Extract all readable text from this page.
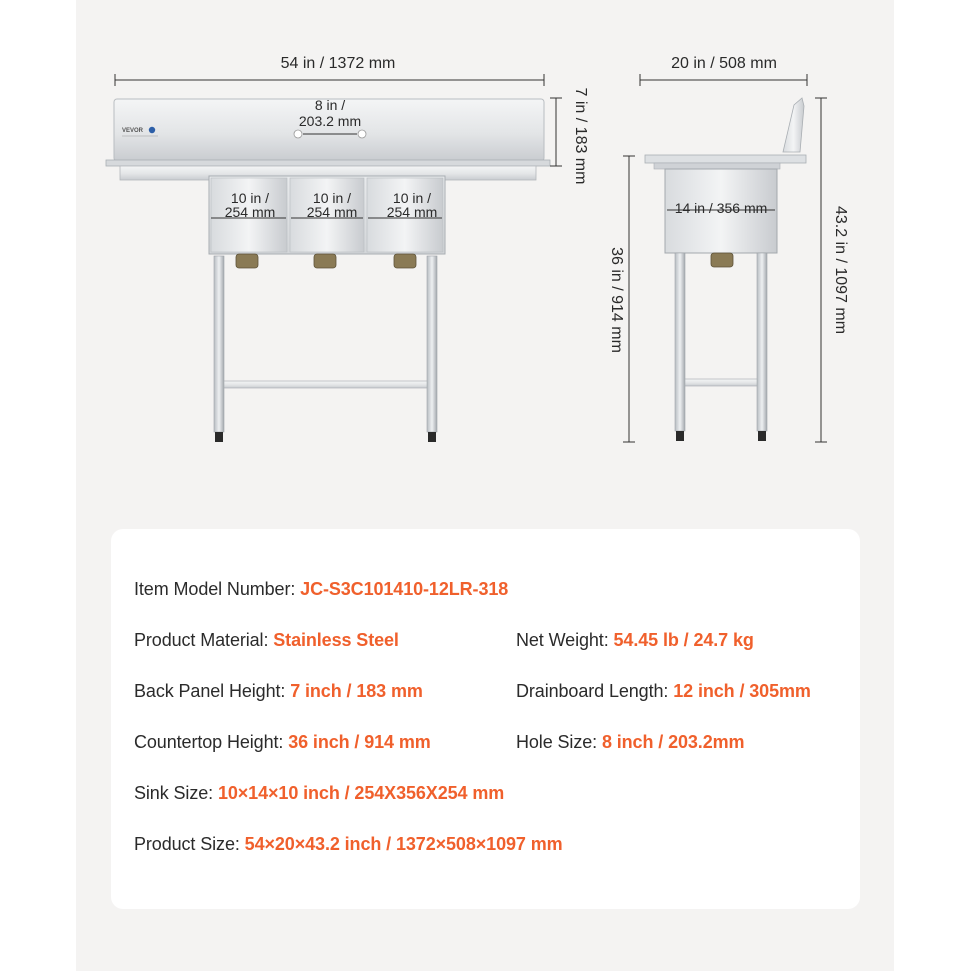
54 in / 1372 mm
VEVOR
8 in /
203.2 mm	7 in / 183 mm
10 in /
254 mm
10 in /
254 mm
10 in /
254 mm
20 in / 508 mm
14 in / 356 mm
36 in / 914 mm	43.2 in / 1097 mm
Item Model Number: JC-S3C101410-12LR-318
Product Material: Stainless Steel	Net Weight: 54.45 lb / 24.7 kg
Back Panel Height: 7 inch / 183 mm	Drainboard Length: 12 inch / 305mm
Countertop Height: 36 inch / 914 mm	Hole Size: 8 inch / 203.2mm
Sink Size: 10×14×10 inch / 254X356X254 mm
Product Size: 54×20×43.2 inch / 1372×508×1097 mm
